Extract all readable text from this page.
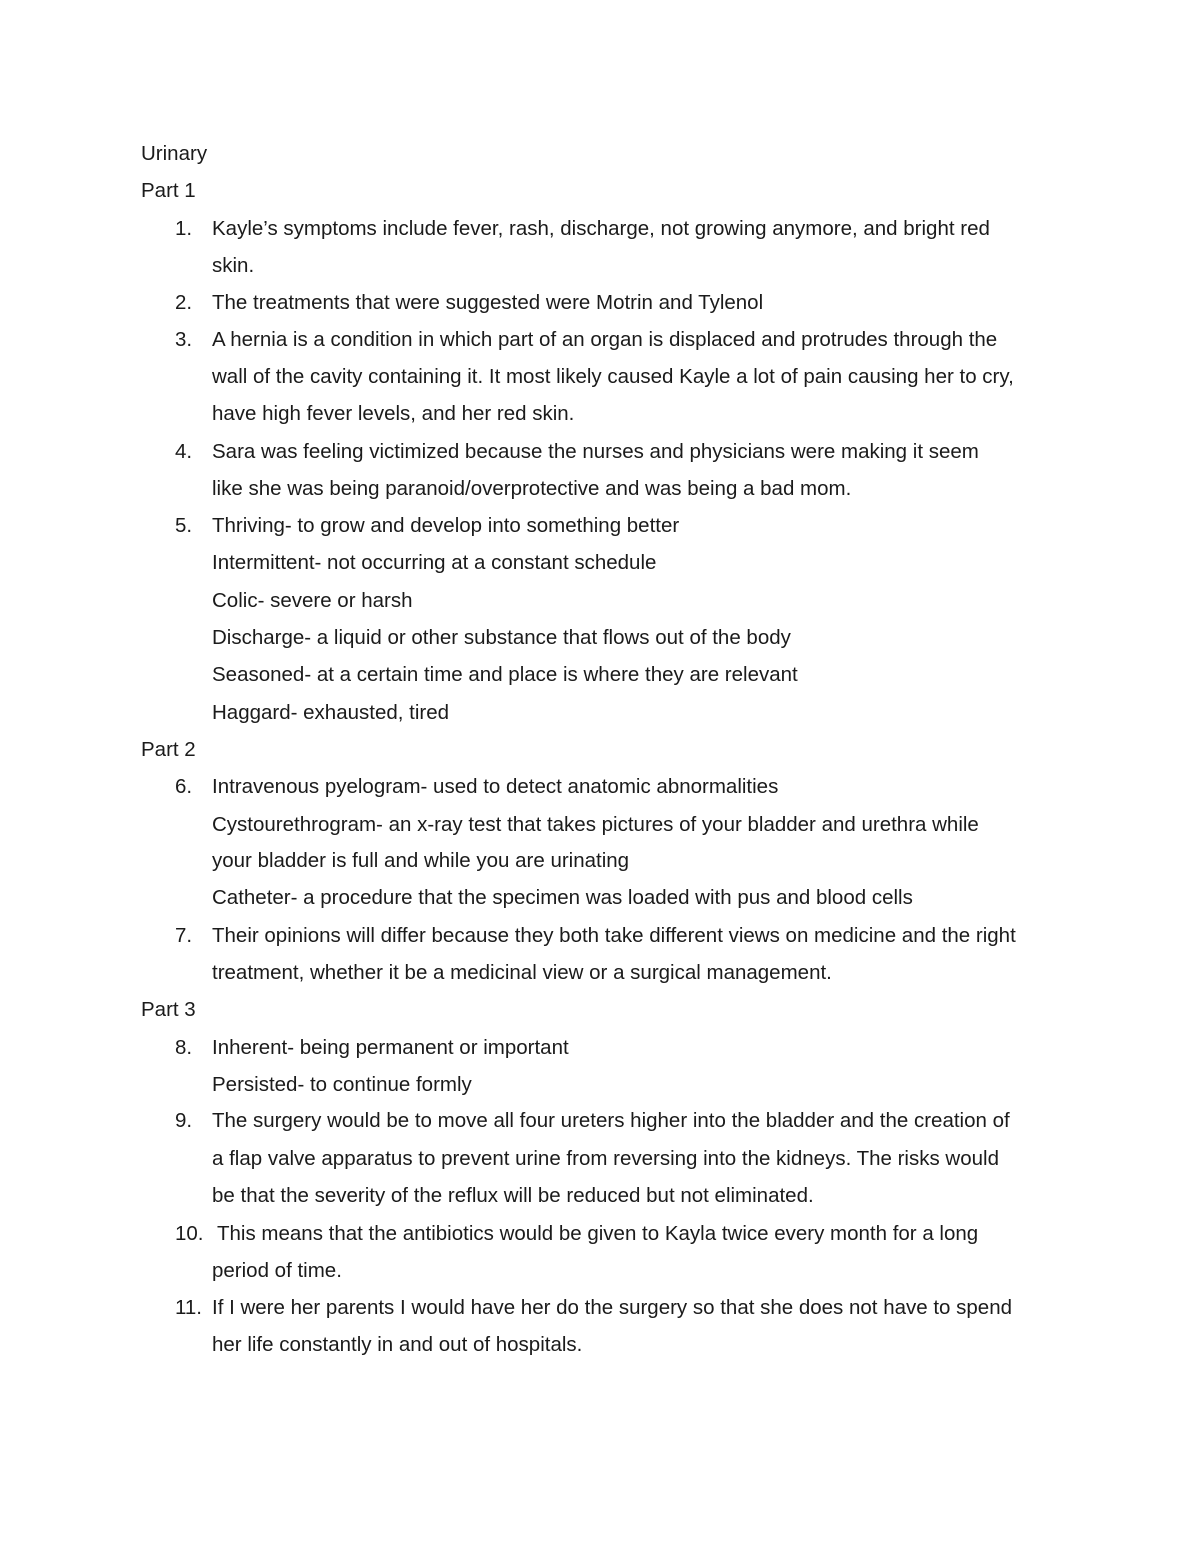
Urinary
Part 1
1. Kayle’s symptoms include fever, rash, discharge, not growing anymore, and bright red
skin.
2. The treatments that were suggested were Motrin and Tylenol
3. A hernia is a condition in which part of an organ is displaced and protrudes through the
wall of the cavity containing it. It most likely caused Kayle a lot of pain causing her to cry,
have high fever levels, and her red skin.
4. Sara was feeling victimized because the nurses and physicians were making it seem
like she was being paranoid/overprotective and was being a bad mom.
5. Thriving- to grow and develop into something better
Intermittent- not occurring at a constant schedule
Colic- severe or harsh
Discharge- a liquid or other substance that flows out of the body
Seasoned- at a certain time and place is where they are relevant
Haggard- exhausted, tired
Part 2
6. Intravenous pyelogram- used to detect anatomic abnormalities
Cystourethrogram- an x-ray test that takes pictures of your bladder and urethra while
your bladder is full and while you are urinating
Catheter- a procedure that the specimen was loaded with pus and blood cells
7. Their opinions will differ because they both take different views on medicine and the right
treatment, whether it be a medicinal view or a surgical management.
Part 3
8. Inherent- being permanent or important
Persisted- to continue formly
9. The surgery would be to move all four ureters higher into the bladder and the creation of
a flap valve apparatus to prevent urine from reversing into the kidneys. The risks would
be that the severity of the reflux will be reduced but not eliminated.
10. This means that the antibiotics would be given to Kayla twice every month for a long
period of time.
11. If I were her parents I would have her do the surgery so that she does not have to spend
her life constantly in and out of hospitals.
